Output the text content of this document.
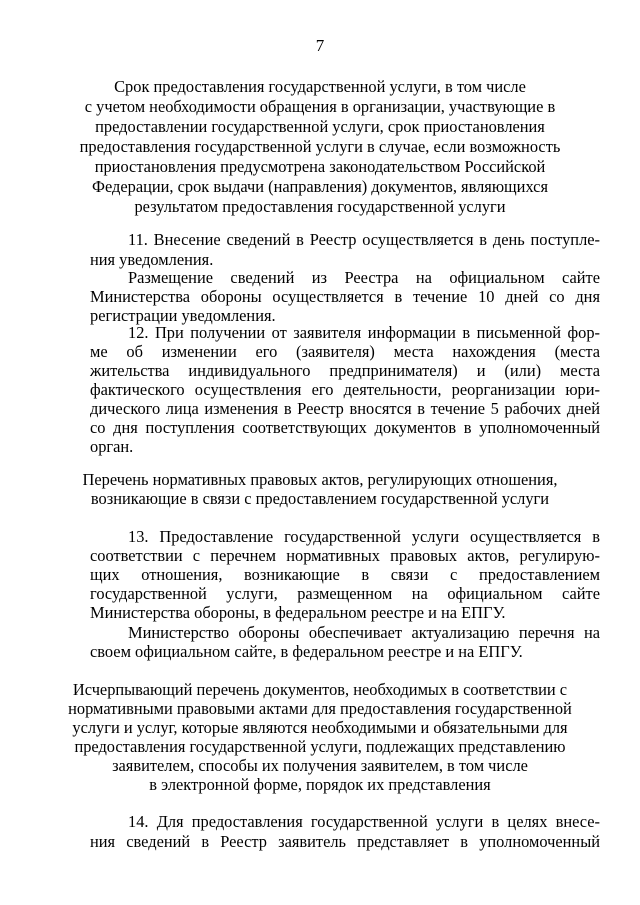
7
Срок предоставления государственной услуги, в том числе
с учетом необходимости обращения в организации, участвующие в
предоставлении государственной услуги, срок приостановления
предоставления государственной услуги в случае, если возможность
приостановления предусмотрена законодательством Российской
Федерации, срок выдачи (направления) документов, являющихся
результатом предоставления государственной услуги
11. Внесение сведений в Реестр осуществляется в день поступле-
ния уведомления.
Размещение сведений из Реестра на официальном сайте
Министерства обороны осуществляется в течение 10 дней со дня
регистрации уведомления.
12. При получении от заявителя информации в письменной фор-
ме об изменении его (заявителя) места нахождения (места
жительства индивидуального предпринимателя) и (или) места
фактического осуществления его деятельности, реорганизации юри-
дического лица изменения в Реестр вносятся в течение 5 рабочих дней
со дня поступления соответствующих документов в уполномоченный
орган.
Перечень нормативных правовых актов, регулирующих отношения,
возникающие в связи с предоставлением государственной услуги
13. Предоставление государственной услуги осуществляется в
соответствии с перечнем нормативных правовых актов, регулирую-
щих отношения, возникающие в связи с предоставлением
государственной услуги, размещенном на официальном сайте
Министерства обороны, в федеральном реестре и на ЕПГУ.
Министерство обороны обеспечивает актуализацию перечня на
своем официальном сайте, в федеральном реестре и на ЕПГУ.
Исчерпывающий перечень документов, необходимых в соответствии с
нормативными правовыми актами для предоставления государственной
услуги и услуг, которые являются необходимыми и обязательными для
предоставления государственной услуги, подлежащих представлению
заявителем, способы их получения заявителем, в том числе
в электронной форме, порядок их представления
14. Для предоставления государственной услуги в целях внесе-
ния сведений в Реестр заявитель представляет в уполномоченный
